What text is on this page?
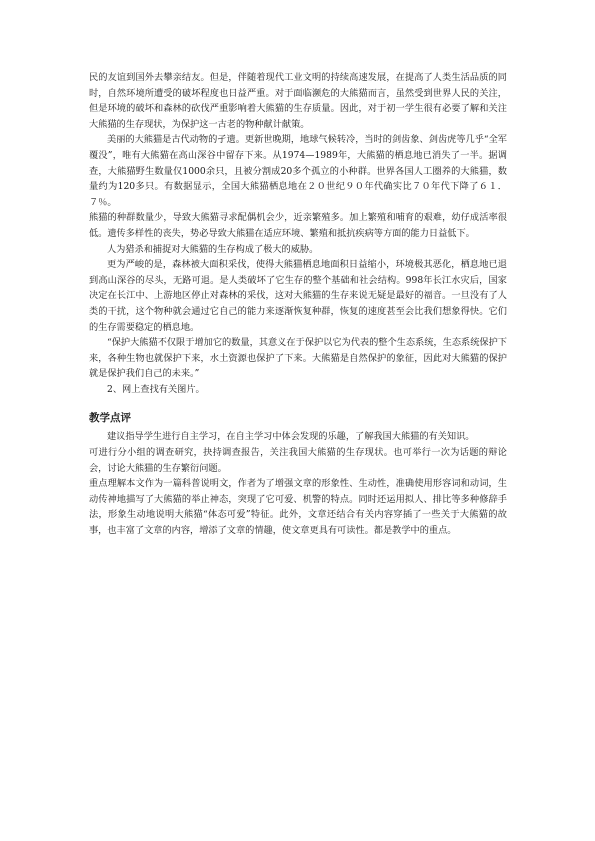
民的友谊到国外去攀亲结友。但是，伴随着现代工业文明的持续高速发展，在提高了人类生活品质的同时，自然环境所遭受的破坏程度也日益严重。对于面临濒危的大熊猫而言，虽然受到世界人民的关注，但是环境的破坏和森林的砍伐严重影响着大熊猫的生存质量。因此，对于初一学生很有必要了解和关注大熊猫的生存现状，为保护这一古老的物种献计献策。

美丽的大熊猫是古代动物的孑遗。更新世晚期，地球气候转冷，当时的剑齿象、剑齿虎等几乎“全军覆没”，唯有大熊猫在高山深谷中留存下来。从1974—1989年，大熊猫的栖息地已消失了一半。据调查，大熊猫野生数量仅1000余只，且被分割成20多个孤立的小种群。世界各国人工圈养的大熊猫，数量约为120多只。有数据显示，全国大熊猫栖息地在２０世纪９０年代确实比７０年代下降了６１．７％。

熊猫的种群数量少，导致大熊猫寻求配偶机会少，近亲繁殖多。加上繁殖和哺育的艰难，幼仔成活率很低。遗传多样性的丧失，势必导致大熊猫在适应环境、繁殖和抵抗疾病等方面的能力日益低下。

人为猎杀和捕捉对大熊猫的生存构成了极大的威胁。

更为严峻的是，森林被大面积采伐，使得大熊猫栖息地面积日益缩小，环境极其恶化，栖息地已退到高山深谷的尽头，无路可退。是人类破坏了它生存的整个基础和社会结构。998年长江水灾后，国家决定在长江中、上游地区停止对森林的采伐，这对大熊猫的生存来说无疑是最好的福音。一旦没有了人类的干扰，这个物种就会通过它自己的能力来逐渐恢复种群，恢复的速度甚至会比我们想象得快。它们的生存需要稳定的栖息地。

“保护大熊猫不仅限于增加它的数量，其意义在于保护以它为代表的整个生态系统，生态系统保护下来，各种生物也就保护下来，水土资源也保护了下来。大熊猫是自然保护的象征，因此对大熊猫的保护就是保护我们自己的未来。”

2、网上查找有关图片。

教学点评

建议指导学生进行自主学习，在自主学习中体会发现的乐趣，了解我国大熊猫的有关知识。

可进行分小组的调查研究，抉持调查报告，关注我国大熊猫的生存现状。也可举行一次为话题的辩论会，讨论大熊猫的生存繁衍问题。

重点理解本文作为一篇科普说明文，作者为了增强文章的形象性、生动性，准确使用形容词和动词，生动传神地描写了大熊猫的举止神态，突现了它可爱、机警的特点。同时还运用拟人、排比等多种修辞手法，形象生动地说明大熊猫“体态可爱”特征。此外，文章还结合有关内容穿插了一些关于大熊猫的故事，也丰富了文章的内容，增添了文章的情趣，使文章更具有可读性。都是教学中的重点。
